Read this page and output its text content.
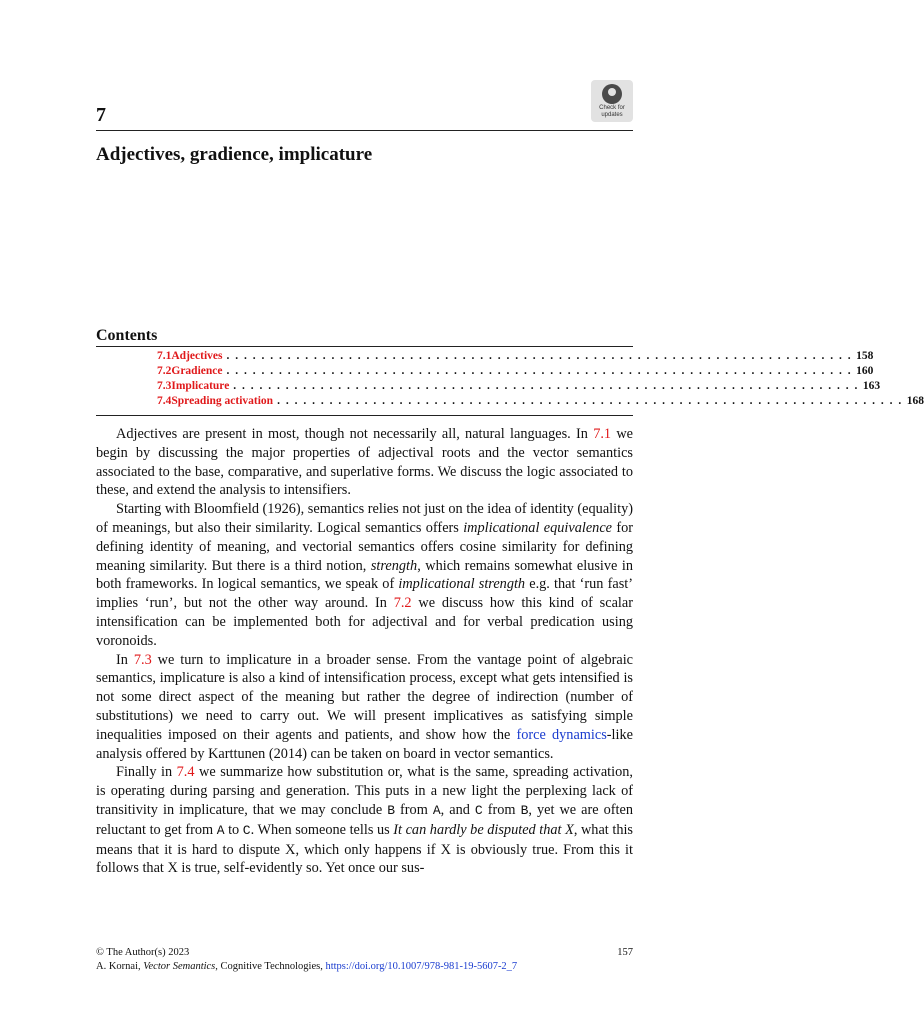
7	Check for
updates
Adjectives, gradience, implicature
Contents
7.1 Adjectives . . . . . . . . . . . . . . . . . . . . . . . . . . . . . . . . . . . . . . . . . . . . . . . . . . . . . . . . . . . . . . . . . . . . . . . . 158
7.2 Gradience . . . . . . . . . . . . . . . . . . . . . . . . . . . . . . . . . . . . . . . . . . . . . . . . . . . . . . . . . . . . . . . . . . . . . . . . 160
7.3 Implicature . . . . . . . . . . . . . . . . . . . . . . . . . . . . . . . . . . . . . . . . . . . . . . . . . . . . . . . . . . . . . . . . . . . . . . . . 163
7.4 Spreading activation . . . . . . . . . . . . . . . . . . . . . . . . . . . . . . . . . . . . . . . . . . . . . . . . . . . . . . . . . . . . . . . . . . . . . . . . 168

Adjectives are present in most, though not necessarily all, natural languages. In 7.1 we begin by discussing the major properties of adjectival roots and the vector semantics associated to the base, comparative, and superlative forms. We discuss the logic associated to these, and extend the analysis to intensifiers.

Starting with Bloomfield (1926), semantics relies not just on the idea of identity (equality) of meanings, but also their similarity. Logical semantics offers implicational equivalence for defining identity of meaning, and vectorial semantics offers cosine similarity for defining meaning similarity. But there is a third notion, strength, which remains somewhat elusive in both frameworks. In logical semantics, we speak of implicational strength e.g. that ‘run fast’ implies ‘run’, but not the other way around. In 7.2 we discuss how this kind of scalar intensification can be implemented both for adjectival and for verbal predication using voronoids.

In 7.3 we turn to implicature in a broader sense. From the vantage point of algebraic semantics, implicature is also a kind of intensification process, except what gets intensified is not some direct aspect of the meaning but rather the degree of indirection (number of substitutions) we need to carry out. We will present implicatives as satisfying simple inequalities imposed on their agents and patients, and show how the force dynamics-like analysis offered by Karttunen (2014) can be taken on board in vector semantics.

Finally in 7.4 we summarize how substitution or, what is the same, spreading activation, is operating during parsing and generation. This puts in a new light the perplexing lack of transitivity in implicature, that we may conclude B from A, and C from B, yet we are often reluctant to get from A to C. When someone tells us It can hardly be disputed that X, what this means that it is hard to dispute X, which only happens if X is obviously true. From this it follows that X is true, self-evidently so. Yet once our sus-

© The Author(s) 2023	157
A. Kornai, Vector Semantics, Cognitive Technologies, https://doi.org/10.1007/978-981-19-5607-2_7
